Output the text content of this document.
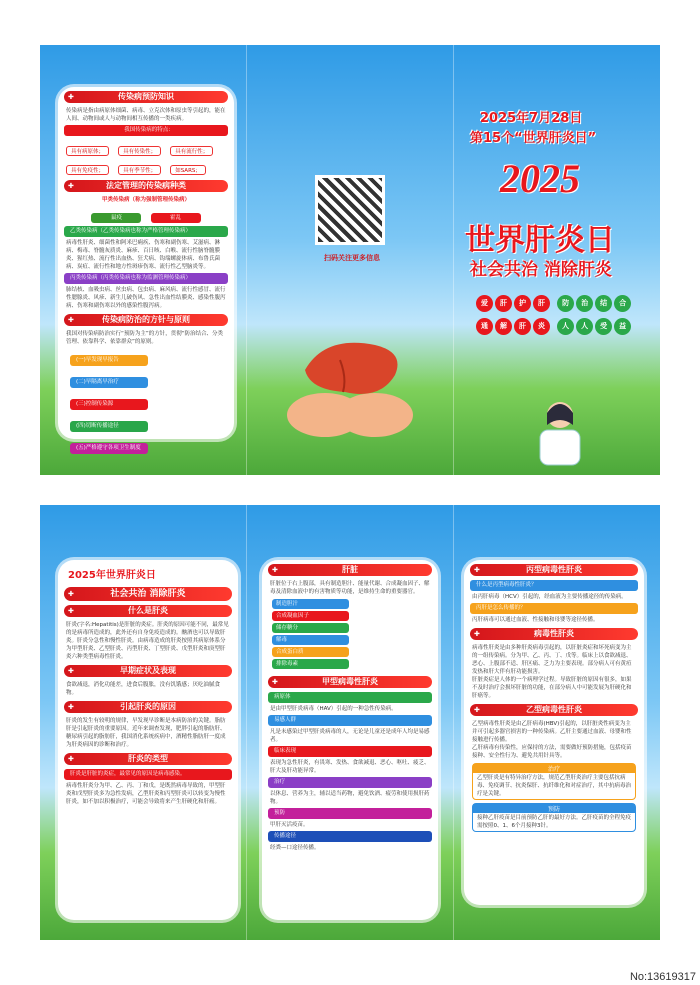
✚ 传染病预防知识
传染病是指由病原体细菌、病毒、立克次体和原虫等引起的，能在人间、动物间或人与动物间相互传播的一类疾病。
我国传染病的特点：
具有病原体；	具有传染性；	具有流行性； 具有免疫性；	具有季节性；	如SARS；
✚ 法定管理的传染病种类
甲类传染病（称为强制管理传染病）
鼠疫	霍乱
乙类传染病（乙类传染病也称为严格管理传染病）
病毒性肝炎、细菌性和阿米巴痢疾、伤寒和副伤寒、艾滋病、淋病、梅毒、脊髓灰质炎、麻疹、百日咳、白喉、流行性脑脊髓膜炎、猩红热、流行性出血热、狂犬病、钩端螺旋体病、布鲁氏菌病、炭疽、流行性和地方性斑疹伤寒、流行性乙型脑炎等。
丙类传染病（丙类传染病也称为监测管理传染病）
肺结核、血吸虫病、丝虫病、包虫病、麻风病、流行性感冒、流行性腮腺炎、风疹、新生儿破伤风、急性出血性结膜炎、感染性腹泻病、伤寒和副伤寒以外的感染性腹泻病。
✚ 传染病防治的方针与原则
我国对传染病防治实行“预防为主”的方针，贯彻“防治结合、分类管理、依靠科学、依靠群众”的原则。
(一)早发现早报告 (二)早隔离早治疗 (三)控制传染源 (四)切断传播途径 (五)严格遵守各项卫生制度
扫码关注更多信息
2025年7月28日
第15个“世界肝炎日”
2025
世界肝炎日
社会共治 消除肝炎
爱 肝 护 肝 防 治 结 合
通 解 肝 炎 人 人 受 益
2025年世界肝炎日
✚ 社会共治 消除肝炎
✚ 什么是肝炎
肝炎(字名:Hepatitis)是肝脏的炎症。肝炎的原因可能不同，最常见的是病毒所造成的，此外还有自身免疫造成的。酗酒也可以导致肝炎。肝炎分急性和慢性肝炎。由病毒造成的肝炎按照其病原体系分为甲型肝炎、乙型肝炎、丙型肝炎、丁型肝炎、戊型肝炎和庚型肝炎六种类型病毒性肝炎。
✚ 早期症状及表现
食欲减退，消化功能差，进食后腹胀，没有饥饿感；厌吃油腻食物。
✚ 引起肝炎的原因
肝炎的发生有较明的规律，早发现早诊断是本病防治的关键。脂肪肝是引起肝炎的重要原因。近年来调查发现，肥胖引起的脂肪肝、糖尿病引起的脂肪肝，我国消化系统疾病中，酒精性脂肪肝一度成为肝炎病因的诊断和治疗。
✚ 肝炎的类型
肝炎是肝脏的炎症，最常见的原因是病毒感染。
病毒性肝炎分为甲、乙、丙、丁和戊，是既然病毒导致的，甲型肝炎和戊型肝炎多为急性发病，乙型肝炎和丙型肝炎可以转变为慢性肝炎，如不加以积极治疗，可能会导致将来产生肝硬化和肝癌。
✚ 肝脏
肝脏位于右上腹部，具有制造胆汁、能量代谢、合成凝血因子、解毒及清除血液中的有害物质等功能，是维持生命的重要器官。
制造胆汁
合成凝血因子
储存糖分
解毒
合成蛋白质
排除毒素
✚ 甲型病毒性肝炎
病原体
是由甲型肝炎病毒（HAV）引起的一种急性传染病。
易感人群
凡是未感染过甲型肝炎病毒的人，无论是儿童还是成年人均是易感者。
临床表现
表现为急性肝炎，有畏寒、发热、食欲减退、恶心、呕吐、疲乏、肝大及肝功能异常。
治疗
以休息、营养为主，辅以适当药物，避免饮酒、疲劳和使用损肝药物。
预防
甲肝灭活疫苗。
传播途径
经粪—口途径传播。
✚ 丙型病毒性肝炎
什么是丙型病毒性肝炎？
由丙肝病毒（HCV）引起的，经血液为主要传播途径的传染病。
丙肝是怎么传播的？
丙肝病毒可以通过血液、性接触和母婴等途径传播。
✚ 病毒性肝炎
病毒性肝炎是由多种肝炎病毒引起的，以肝脏炎症和坏死病变为主的一组传染病。分为甲、乙、丙、丁、戊等。临床上以食欲减退、恶心、上腹部不适、肝区痛、乏力为主要表现。部分病人可有黄疸发热和肝大伴有肝功能损害。
肝脏炎症是人体的一个病理学过程。导致肝脏的原因有很多，如果不及时治疗会损坏肝脏的功能，在部分病人中可能发展为肝硬化和肝癌等。
✚ 乙型病毒性肝炎
乙型病毒性肝炎是由乙肝病毒(HBV)引起的，以肝脏炎性病变为主并可引起多器官损害的一种传染病。乙肝主要通过血液、母婴和性接触进行传播。
乙肝病毒有传染性，应保持的方法，需要做好预防措施，包括疫苗接种、安全性行为、避免共用针具等。
治疗
乙型肝炎是有特异治疗方法，规范乙型肝炎治疗主要包括抗病毒、免疫调节、抗炎保肝、抗纤维化和对症治疗，其中抗病毒治疗是关键。
预防
接种乙肝疫苗是目前预防乙肝的最好方法。乙肝疫苗的全程免疫需按照0、1、6个月接种3针。
No:13619317
